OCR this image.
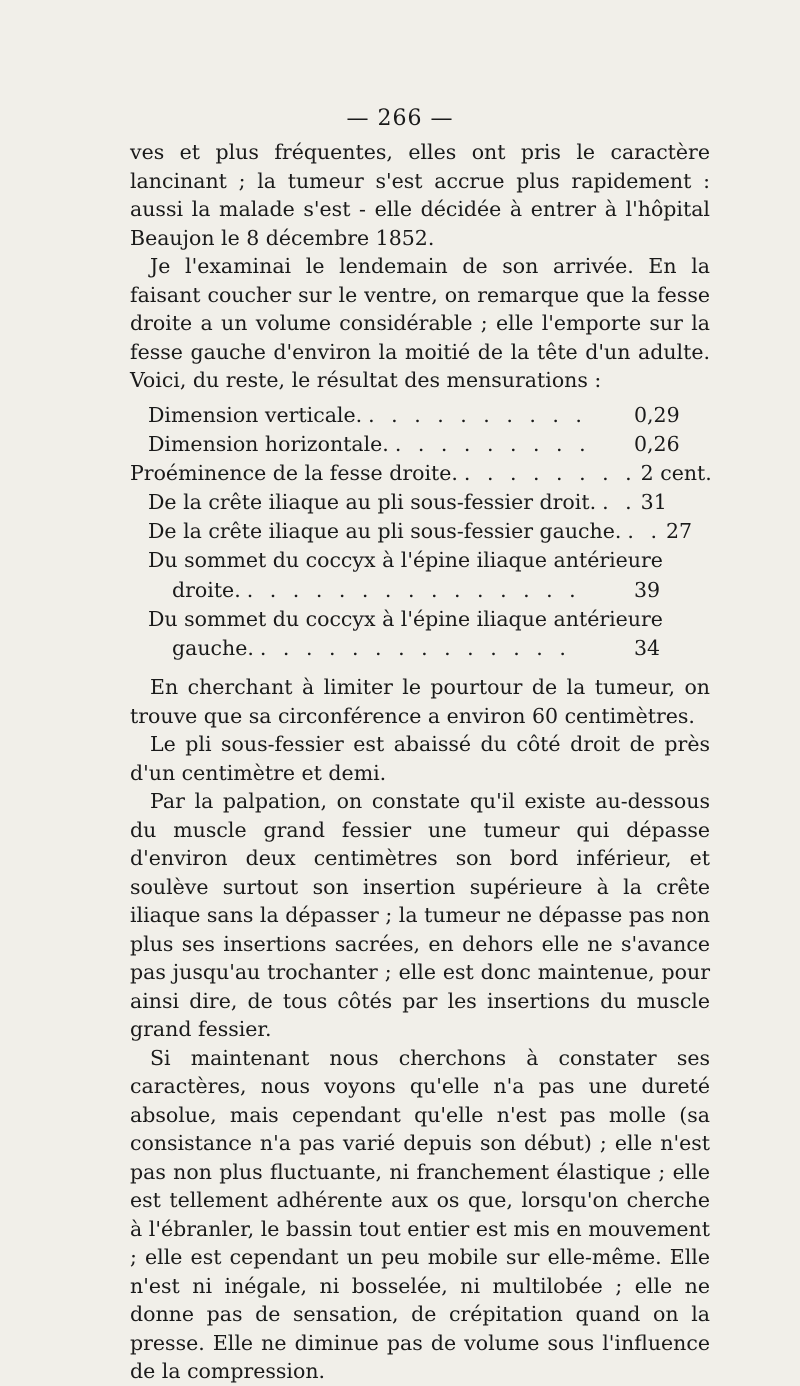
— 266 —

ves et plus fréquentes, elles ont pris le caractère lancinant ; la tumeur s'est accrue plus rapidement : aussi la malade s'est - elle décidée à entrer à l'hôpital Beaujon le 8 décembre 1852.

Je l'examinai le lendemain de son arrivée. En la faisant coucher sur le ventre, on remarque que la fesse droite a un volume considérable ; elle l'emporte sur la fesse gauche d'environ la moitié de la tête d'un adulte. Voici, du reste, le résultat des mensurations :

Dimension verticale. . . . . . . . . . .	0,29
Dimension horizontale. . . . . . . . . .	0,26
Proéminence de la fesse droite. . . . . . . . . 2 cent.
De la crête iliaque au pli sous-fessier droit. . . 31
De la crête iliaque au pli sous-fessier gauche. . . 27
Du sommet du coccyx à l'épine iliaque antérieure
droite. . . . . . . . . . . . . . . .	39
Du sommet du coccyx à l'épine iliaque antérieure
gauche. . . . . . . . . . . . . . .	34

En cherchant à limiter le pourtour de la tumeur, on trouve que sa circonférence a environ 60 centimètres.

Le pli sous-fessier est abaissé du côté droit de près d'un centimètre et demi.

Par la palpation, on constate qu'il existe au-dessous du muscle grand fessier une tumeur qui dépasse d'environ deux centimètres son bord inférieur, et soulève surtout son insertion supérieure à la crête iliaque sans la dépasser ; la tumeur ne dépasse pas non plus ses insertions sacrées, en dehors elle ne s'avance pas jusqu'au trochanter ; elle est donc maintenue, pour ainsi dire, de tous côtés par les insertions du muscle grand fessier.

Si maintenant nous cherchons à constater ses caractères, nous voyons qu'elle n'a pas une dureté absolue, mais cependant qu'elle n'est pas molle (sa consistance n'a pas varié depuis son début) ; elle n'est pas non plus fluctuante, ni franchement élastique ; elle est tellement adhérente aux os que, lorsqu'on cherche à l'ébranler, le bassin tout entier est mis en mouvement ; elle est cependant un peu mobile sur elle-même. Elle n'est ni inégale, ni bosselée, ni multilobée ; elle ne donne pas de sensation, de crépitation quand on la presse. Elle ne diminue pas de volume sous l'influence de la compression.
